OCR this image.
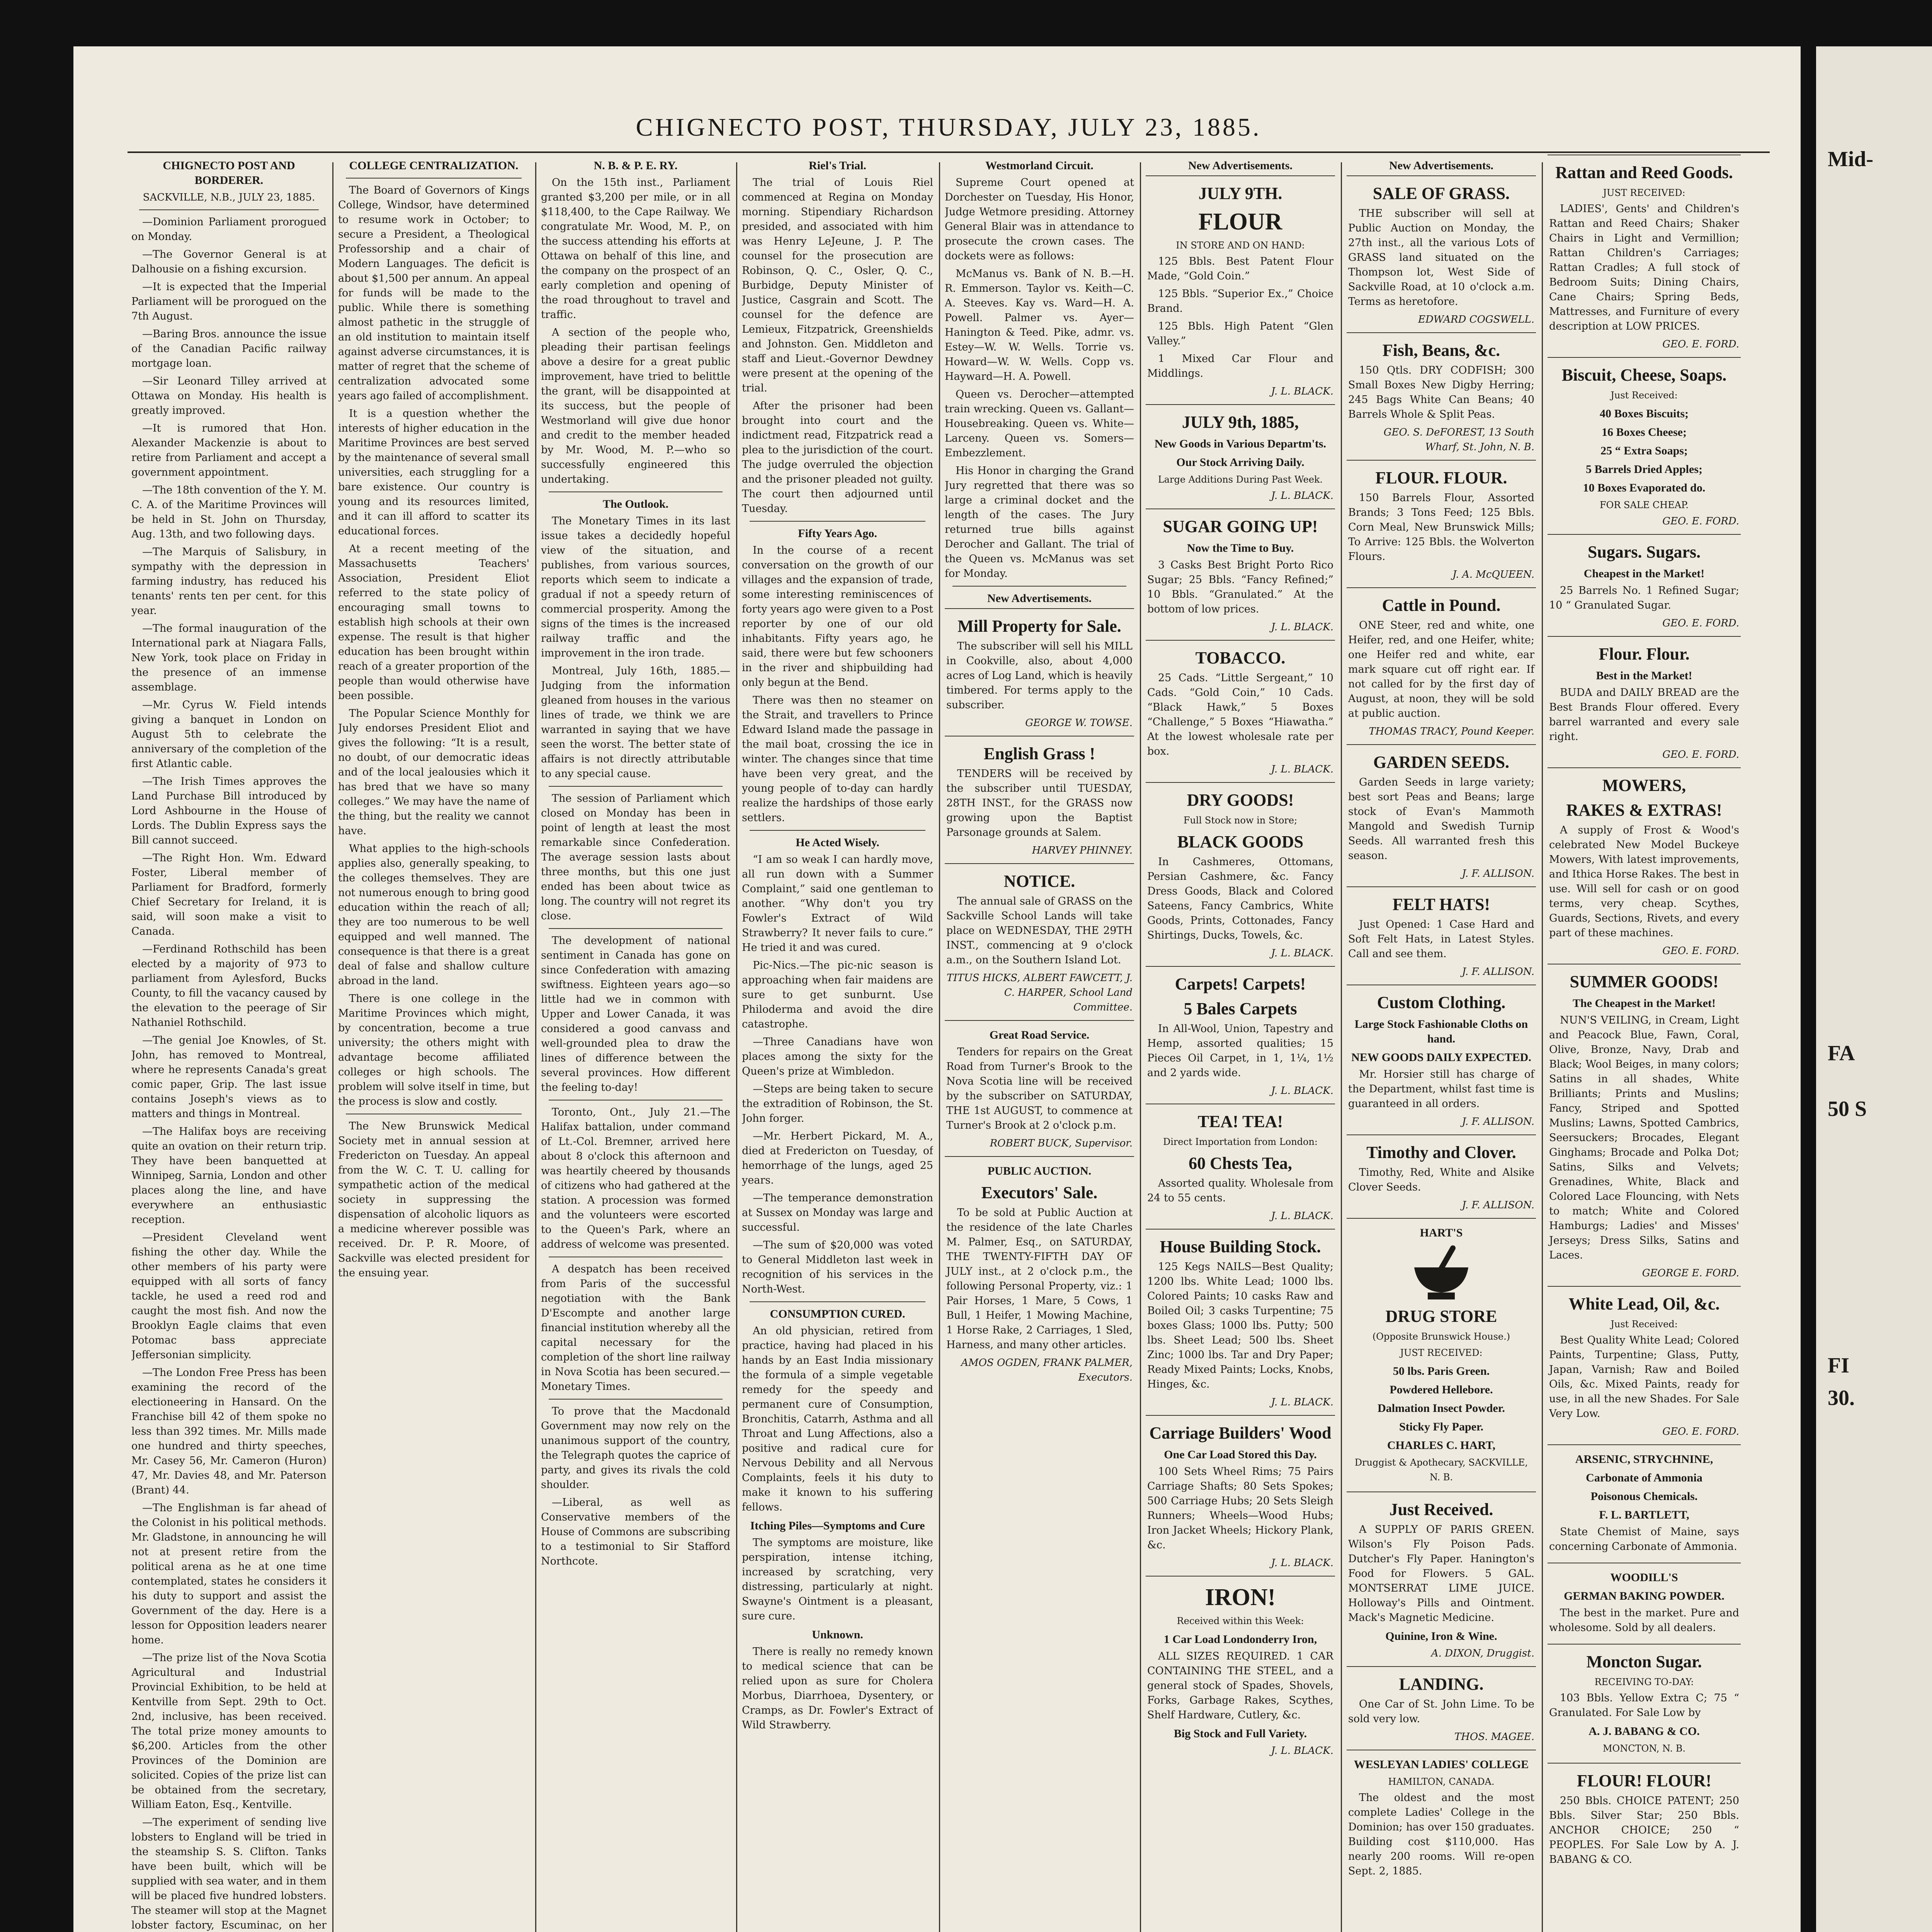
Mid-
FA
50 S
FI
30.
CHIGNECTO POST, THURSDAY, JULY 23, 1885.
CHIGNECTO POST AND BORDERER.
SACKVILLE, N.B., JULY 23, 1885.

—Dominion Parliament prorogued on Monday.

—The Governor General is at Dalhousie on a fishing excursion.

—It is expected that the Imperial Parliament will be prorogued on the 7th August.

—Baring Bros. announce the issue of the Canadian Pacific railway mortgage loan.

—Sir Leonard Tilley arrived at Ottawa on Monday. His health is greatly improved.

—It is rumored that Hon. Alexander Mackenzie is about to retire from Parliament and accept a government appointment.

—The 18th convention of the Y. M. C. A. of the Maritime Provinces will be held in St. John on Thursday, Aug. 13th, and two following days.

—The Marquis of Salisbury, in sympathy with the depression in farming industry, has reduced his tenants' rents ten per cent. for this year.

—The formal inauguration of the International park at Niagara Falls, New York, took place on Friday in the presence of an immense assemblage.

—Mr. Cyrus W. Field intends giving a banquet in London on August 5th to celebrate the anniversary of the completion of the first Atlantic cable.

—The Irish Times approves the Land Purchase Bill introduced by Lord Ashbourne in the House of Lords. The Dublin Express says the Bill cannot succeed.

—The Right Hon. Wm. Edward Foster, Liberal member of Parliament for Bradford, formerly Chief Secretary for Ireland, it is said, will soon make a visit to Canada.

—Ferdinand Rothschild has been elected by a majority of 973 to parliament from Aylesford, Bucks County, to fill the vacancy caused by the elevation to the peerage of Sir Nathaniel Rothschild.

—The genial Joe Knowles, of St. John, has removed to Montreal, where he represents Canada's great comic paper, Grip. The last issue contains Joseph's views as to matters and things in Montreal.

—The Halifax boys are receiving quite an ovation on their return trip. They have been banquetted at Winnipeg, Sarnia, London and other places along the line, and have everywhere an enthusiastic reception.

—President Cleveland went fishing the other day. While the other members of his party were equipped with all sorts of fancy tackle, he used a reed rod and caught the most fish. And now the Brooklyn Eagle claims that even Potomac bass appreciate Jeffersonian simplicity.

—The London Free Press has been examining the record of the electioneering in Hansard. On the Franchise bill 42 of them spoke no less than 392 times. Mr. Mills made one hundred and thirty speeches, Mr. Casey 56, Mr. Cameron (Huron) 47, Mr. Davies 48, and Mr. Paterson (Brant) 44.

—The Englishman is far ahead of the Colonist in his political methods. Mr. Gladstone, in announcing he will not at present retire from the political arena as he at one time contemplated, states he considers it his duty to support and assist the Government of the day. Here is a lesson for Opposition leaders nearer home.

—The prize list of the Nova Scotia Agricultural and Industrial Provincial Exhibition, to be held at Kentville from Sept. 29th to Oct. 2nd, inclusive, has been received. The total prize money amounts to $6,200. Articles from the other Provinces of the Dominion are solicited. Copies of the prize list can be obtained from the secretary, William Eaton, Esq., Kentville.

—The experiment of sending live lobsters to England will be tried in the steamship S. S. Clifton. Tanks have been built, which will be supplied with sea water, and in them will be placed five hundred lobsters. The steamer will stop at the Magnet lobster factory, Escuminac, on her

COLLEGE CENTRALIZATION.

The Board of Governors of Kings College, Windsor, have determined to resume work in October; to secure a President, a Theological Professorship and a chair of Modern Languages. The deficit is about $1,500 per annum. An appeal for funds will be made to the public. While there is something almost pathetic in the struggle of an old institution to maintain itself against adverse circumstances, it is matter of regret that the scheme of centralization advocated some years ago failed of accomplishment.

It is a question whether the interests of higher education in the Maritime Provinces are best served by the maintenance of several small universities, each struggling for a bare existence. Our country is young and its resources limited, and it can ill afford to scatter its educational forces.

At a recent meeting of the Massachusetts Teachers' Association, President Eliot referred to the state policy of encouraging small towns to establish high schools at their own expense. The result is that higher education has been brought within reach of a greater proportion of the people than would otherwise have been possible.

The Popular Science Monthly for July endorses President Eliot and gives the following: “It is a result, no doubt, of our democratic ideas and of the local jealousies which it has bred that we have so many colleges.” We may have the name of the thing, but the reality we cannot have.

What applies to the high-schools applies also, generally speaking, to the colleges themselves. They are not numerous enough to bring good education within the reach of all; they are too numerous to be well equipped and well manned. The consequence is that there is a great deal of false and shallow culture abroad in the land.

There is one college in the Maritime Provinces which might, by concentration, become a true university; the others might with advantage become affiliated colleges or high schools. The problem will solve itself in time, but the process is slow and costly.

The New Brunswick Medical Society met in annual session at Fredericton on Tuesday. An appeal from the W. C. T. U. calling for sympathetic action of the medical society in suppressing the dispensation of alcoholic liquors as a medicine wherever possible was received. Dr. P. R. Moore, of Sackville was elected president for the ensuing year.

N. B. & P. E. RY.

On the 15th inst., Parliament granted $3,200 per mile, or in all $118,400, to the Cape Railway. We congratulate Mr. Wood, M. P., on the success attending his efforts at Ottawa on behalf of this line, and the company on the prospect of an early completion and opening of the road throughout to travel and traffic.

A section of the people who, pleading their partisan feelings above a desire for a great public improvement, have tried to belittle the grant, will be disappointed at its success, but the people of Westmorland will give due honor and credit to the member headed by Mr. Wood, M. P.—who so successfully engineered this undertaking.

The Outlook.

The Monetary Times in its last issue takes a decidedly hopeful view of the situation, and publishes, from various sources, reports which seem to indicate a gradual if not a speedy return of commercial prosperity. Among the signs of the times is the increased railway traffic and the improvement in the iron trade.

Montreal, July 16th, 1885.—Judging from the information gleaned from houses in the various lines of trade, we think we are warranted in saying that we have seen the worst. The better state of affairs is not directly attributable to any special cause.

The session of Parliament which closed on Monday has been in point of length at least the most remarkable since Confederation. The average session lasts about three months, but this one just ended has been about twice as long. The country will not regret its close.

The development of national sentiment in Canada has gone on since Confederation with amazing swiftness. Eighteen years ago—so little had we in common with Upper and Lower Canada, it was considered a good canvass and well-grounded plea to draw the lines of difference between the several provinces. How different the feeling to-day!

Toronto, Ont., July 21.—The Halifax battalion, under command of Lt.-Col. Bremner, arrived here about 8 o'clock this afternoon and was heartily cheered by thousands of citizens who had gathered at the station. A procession was formed and the volunteers were escorted to the Queen's Park, where an address of welcome was presented.

A despatch has been received from Paris of the successful negotiation with the Bank D'Escompte and another large financial institution whereby all the capital necessary for the completion of the short line railway in Nova Scotia has been secured.—Monetary Times.

To prove that the Macdonald Government may now rely on the unanimous support of the country, the Telegraph quotes the caprice of party, and gives its rivals the cold shoulder.

—Liberal, as well as Conservative members of the House of Commons are subscribing to a testimonial to Sir Stafford Northcote.

Riel's Trial.

The trial of Louis Riel commenced at Regina on Monday morning. Stipendiary Richardson presided, and associated with him was Henry LeJeune, J. P. The counsel for the prosecution are Robinson, Q. C., Osler, Q. C., Burbidge, Deputy Minister of Justice, Casgrain and Scott. The counsel for the defence are Lemieux, Fitzpatrick, Greenshields and Johnston. Gen. Middleton and staff and Lieut.-Governor Dewdney were present at the opening of the trial.

After the prisoner had been brought into court and the indictment read, Fitzpatrick read a plea to the jurisdiction of the court. The judge overruled the objection and the prisoner pleaded not guilty. The court then adjourned until Tuesday.

Fifty Years Ago.

In the course of a recent conversation on the growth of our villages and the expansion of trade, some interesting reminiscences of forty years ago were given to a Post reporter by one of our old inhabitants. Fifty years ago, he said, there were but few schooners in the river and shipbuilding had only begun at the Bend.

There was then no steamer on the Strait, and travellers to Prince Edward Island made the passage in the mail boat, crossing the ice in winter. The changes since that time have been very great, and the young people of to-day can hardly realize the hardships of those early settlers.

He Acted Wisely.

“I am so weak I can hardly move, all run down with a Summer Complaint,” said one gentleman to another. “Why don't you try Fowler's Extract of Wild Strawberry? It never fails to cure.” He tried it and was cured.

Pic-Nics.—The pic-nic season is approaching when fair maidens are sure to get sunburnt. Use Philoderma and avoid the dire catastrophe.

—Three Canadians have won places among the sixty for the Queen's prize at Wimbledon.

—Steps are being taken to secure the extradition of Robinson, the St. John forger.

—Mr. Herbert Pickard, M. A., died at Fredericton on Tuesday, of hemorrhage of the lungs, aged 25 years.

—The temperance demonstration at Sussex on Monday was large and successful.

—The sum of $20,000 was voted to General Middleton last week in recognition of his services in the North-West.

CONSUMPTION CURED.

An old physician, retired from practice, having had placed in his hands by an East India missionary the formula of a simple vegetable remedy for the speedy and permanent cure of Consumption, Bronchitis, Catarrh, Asthma and all Throat and Lung Affections, also a positive and radical cure for Nervous Debility and all Nervous Complaints, feels it his duty to make it known to his suffering fellows.

Itching Piles—Symptoms and Cure

The symptoms are moisture, like perspiration, intense itching, increased by scratching, very distressing, particularly at night. Swayne's Ointment is a pleasant, sure cure.

Unknown.

There is really no remedy known to medical science that can be relied upon as sure for Cholera Morbus, Diarrhoea, Dysentery, or Cramps, as Dr. Fowler's Extract of Wild Strawberry.

Westmorland Circuit.

Supreme Court opened at Dorchester on Tuesday, His Honor, Judge Wetmore presiding. Attorney General Blair was in attendance to prosecute the crown cases. The dockets were as follows:

McManus vs. Bank of N. B.—H. R. Emmerson. Taylor vs. Keith—C. A. Steeves. Kay vs. Ward—H. A. Powell. Palmer vs. Ayer—Hanington & Teed. Pike, admr. vs. Estey—W. W. Wells. Torrie vs. Howard—W. W. Wells. Copp vs. Hayward—H. A. Powell.

Queen vs. Derocher—attempted train wrecking. Queen vs. Gallant—Housebreaking. Queen vs. White—Larceny. Queen vs. Somers—Embezzlement.

His Honor in charging the Grand Jury regretted that there was so large a criminal docket and the length of the cases. The Jury returned true bills against Derocher and Gallant. The trial of the Queen vs. McManus was set for Monday.

New Advertisements.
Mill Property for Sale.

The subscriber will sell his MILL in Cookville, also, about 4,000 acres of Log Land, which is heavily timbered. For terms apply to the subscriber.

GEORGE W. TOWSE.
English Grass !

TENDERS will be received by the subscriber until TUESDAY, 28TH INST., for the GRASS now growing upon the Baptist Parsonage grounds at Salem.

HARVEY PHINNEY.
NOTICE.

The annual sale of GRASS on the Sackville School Lands will take place on WEDNESDAY, THE 29TH INST., commencing at 9 o'clock a.m., on the Southern Island Lot.

TITUS HICKS, ALBERT FAWCETT, J. C. HARPER, School Land Committee.
Great Road Service.

Tenders for repairs on the Great Road from Turner's Brook to the Nova Scotia line will be received by the subscriber on SATURDAY, THE 1st AUGUST, to commence at Turner's Brook at 2 o'clock p.m.

ROBERT BUCK, Supervisor.
PUBLIC AUCTION.
Executors' Sale.

To be sold at Public Auction at the residence of the late Charles M. Palmer, Esq., on SATURDAY, THE TWENTY-FIFTH DAY OF JULY inst., at 2 o'clock p.m., the following Personal Property, viz.: 1 Pair Horses, 1 Mare, 5 Cows, 1 Bull, 1 Heifer, 1 Mowing Machine, 1 Horse Rake, 2 Carriages, 1 Sled, Harness, and many other articles.

AMOS OGDEN, FRANK PALMER, Executors.
New Advertisements.
JULY 9TH.
FLOUR
IN STORE AND ON HAND:

125 Bbls. Best Patent Flour Made, “Gold Coin.”

125 Bbls. “Superior Ex.,” Choice Brand.

125 Bbls. High Patent “Glen Valley.”

1 Mixed Car Flour and Middlings.

J. L. BLACK.
JULY 9th, 1885,
New Goods in Various Departm'ts.
Our Stock Arriving Daily.
Large Additions During Past Week.
J. L. BLACK.
SUGAR GOING UP!
Now the Time to Buy.

3 Casks Best Bright Porto Rico Sugar; 25 Bbls. “Fancy Refined;” 10 Bbls. “Granulated.” At the bottom of low prices.

J. L. BLACK.
TOBACCO.

25 Cads. “Little Sergeant,” 10 Cads. “Gold Coin,” 10 Cads. “Black Hawk,” 5 Boxes “Challenge,” 5 Boxes “Hiawatha.” At the lowest wholesale rate per box.

J. L. BLACK.
DRY GOODS!
Full Stock now in Store;
BLACK GOODS

In Cashmeres, Ottomans, Persian Cashmere, &c. Fancy Dress Goods, Black and Colored Sateens, Fancy Cambrics, White Goods, Prints, Cottonades, Fancy Shirtings, Ducks, Towels, &c.

J. L. BLACK.
Carpets! Carpets!
5 Bales Carpets

In All-Wool, Union, Tapestry and Hemp, assorted qualities; 15 Pieces Oil Carpet, in 1, 1¼, 1½ and 2 yards wide.

J. L. BLACK.
TEA! TEA!
Direct Importation from London:
60 Chests Tea,

Assorted quality. Wholesale from 24 to 55 cents.

J. L. BLACK.
House Building Stock.

125 Kegs NAILS—Best Quality; 1200 lbs. White Lead; 1000 lbs. Colored Paints; 10 casks Raw and Boiled Oil; 3 casks Turpentine; 75 boxes Glass; 1000 lbs. Putty; 500 lbs. Sheet Lead; 500 lbs. Sheet Zinc; 1000 lbs. Tar and Dry Paper; Ready Mixed Paints; Locks, Knobs, Hinges, &c.

J. L. BLACK.
Carriage Builders' Wood
One Car Load Stored this Day.

100 Sets Wheel Rims; 75 Pairs Carriage Shafts; 80 Sets Spokes; 500 Carriage Hubs; 20 Sets Sleigh Runners; Wheels—Wood Hubs; Iron Jacket Wheels; Hickory Plank, &c.

J. L. BLACK.
IRON!
Received within this Week:
1 Car Load Londonderry Iron,

ALL SIZES REQUIRED. 1 CAR CONTAINING THE STEEL, and a general stock of Spades, Shovels, Forks, Garbage Rakes, Scythes, Shelf Hardware, Cutlery, &c.

Big Stock and Full Variety.
J. L. BLACK.
New Advertisements.
SALE OF GRASS.

THE subscriber will sell at Public Auction on Monday, the 27th inst., all the various Lots of GRASS land situated on the Thompson lot, West Side of Sackville Road, at 10 o'clock a.m. Terms as heretofore.

EDWARD COGSWELL.
Fish, Beans, &c.

150 Qtls. DRY CODFISH; 300 Small Boxes New Digby Herring; 245 Bags White Can Beans; 40 Barrels Whole & Split Peas.

GEO. S. DeFOREST, 13 South Wharf, St. John, N. B.
FLOUR. FLOUR.

150 Barrels Flour, Assorted Brands; 3 Tons Feed; 125 Bbls. Corn Meal, New Brunswick Mills; To Arrive: 125 Bbls. the Wolverton Flours.

J. A. McQUEEN.
Cattle in Pound.

ONE Steer, red and white, one Heifer, red, and one Heifer, white; one Heifer red and white, ear mark square cut off right ear. If not called for by the first day of August, at noon, they will be sold at public auction.

THOMAS TRACY, Pound Keeper.
GARDEN SEEDS.

Garden Seeds in large variety; best sort Peas and Beans; large stock of Evan's Mammoth Mangold and Swedish Turnip Seeds. All warranted fresh this season.

J. F. ALLISON.
FELT HATS!

Just Opened: 1 Case Hard and Soft Felt Hats, in Latest Styles. Call and see them.

J. F. ALLISON.
Custom Clothing.
Large Stock Fashionable Cloths on hand.
NEW GOODS DAILY EXPECTED.

Mr. Horsier still has charge of the Department, whilst fast time is guaranteed in all orders.

J. F. ALLISON.
Timothy and Clover.

Timothy, Red, White and Alsike Clover Seeds.

J. F. ALLISON.
HART'S
DRUG STORE
(Opposite Brunswick House.)
JUST RECEIVED:
50 lbs. Paris Green.
Powdered Hellebore.
Dalmation Insect Powder.
Sticky Fly Paper.
CHARLES C. HART,
Druggist & Apothecary, SACKVILLE, N. B.
Just Received.

A SUPPLY OF PARIS GREEN. Wilson's Fly Poison Pads. Dutcher's Fly Paper. Hanington's Food for Flowers. 5 GAL. MONTSERRAT LIME JUICE. Holloway's Pills and Ointment. Mack's Magnetic Medicine.

Quinine, Iron & Wine.
A. DIXON, Druggist.
LANDING.

One Car of St. John Lime. To be sold very low.

THOS. MAGEE.
WESLEYAN LADIES' COLLEGE
HAMILTON, CANADA.

The oldest and the most complete Ladies' College in the Dominion; has over 150 graduates. Building cost $110,000. Has nearly 200 rooms. Will re-open Sept. 2, 1885.

Rattan and Reed Goods.
JUST RECEIVED:

LADIES', Gents' and Children's Rattan and Reed Chairs; Shaker Chairs in Light and Vermillion; Rattan Children's Carriages; Rattan Cradles; A full stock of Bedroom Suits; Dining Chairs, Cane Chairs; Spring Beds, Mattresses, and Furniture of every description at LOW PRICES.

GEO. E. FORD.
Biscuit, Cheese, Soaps.
Just Received:
40 Boxes Biscuits;
16 Boxes Cheese;
25 “ Extra Soaps;
5 Barrels Dried Apples;
10 Boxes Evaporated do.
FOR SALE CHEAP.
GEO. E. FORD.
Sugars. Sugars.
Cheapest in the Market!

25 Barrels No. 1 Refined Sugar; 10 “ Granulated Sugar.

GEO. E. FORD.
Flour. Flour.
Best in the Market!

BUDA and DAILY BREAD are the Best Brands Flour offered. Every barrel warranted and every sale right.

GEO. E. FORD.
MOWERS,
RAKES & EXTRAS!

A supply of Frost & Wood's celebrated New Model Buckeye Mowers, With latest improvements, and Ithica Horse Rakes. The best in use. Will sell for cash or on good terms, very cheap. Scythes, Guards, Sections, Rivets, and every part of these machines.

GEO. E. FORD.
SUMMER GOODS!
The Cheapest in the Market!

NUN'S VEILING, in Cream, Light and Peacock Blue, Fawn, Coral, Olive, Bronze, Navy, Drab and Black; Wool Beiges, in many colors; Satins in all shades, White Brilliants; Prints and Muslins; Fancy, Striped and Spotted Muslins; Lawns, Spotted Cambrics, Seersuckers; Brocades, Elegant Ginghams; Brocade and Polka Dot; Satins, Silks and Velvets; Grenadines, White, Black and Colored Lace Flouncing, with Nets to match; White and Colored Hamburgs; Ladies' and Misses' Jerseys; Dress Silks, Satins and Laces.

GEORGE E. FORD.
White Lead, Oil, &c.
Just Received:

Best Quality White Lead; Colored Paints, Turpentine; Glass, Putty, Japan, Varnish; Raw and Boiled Oils, &c. Mixed Paints, ready for use, in all the new Shades. For Sale Very Low.

GEO. E. FORD.
ARSENIC, STRYCHNINE,
Carbonate of Ammonia
Poisonous Chemicals.
F. L. BARTLETT,

State Chemist of Maine, says concerning Carbonate of Ammonia.

WOODILL'S
GERMAN BAKING POWDER.

The best in the market. Pure and wholesome. Sold by all dealers.

Moncton Sugar.
RECEIVING TO-DAY:

103 Bbls. Yellow Extra C; 75 “ Granulated. For Sale Low by

A. J. BABANG & CO.
MONCTON, N. B.
FLOUR! FLOUR!

250 Bbls. CHOICE PATENT; 250 Bbls. Silver Star; 250 Bbls. ANCHOR CHOICE; 250 “ PEOPLES. For Sale Low by A. J. BABANG & CO.
